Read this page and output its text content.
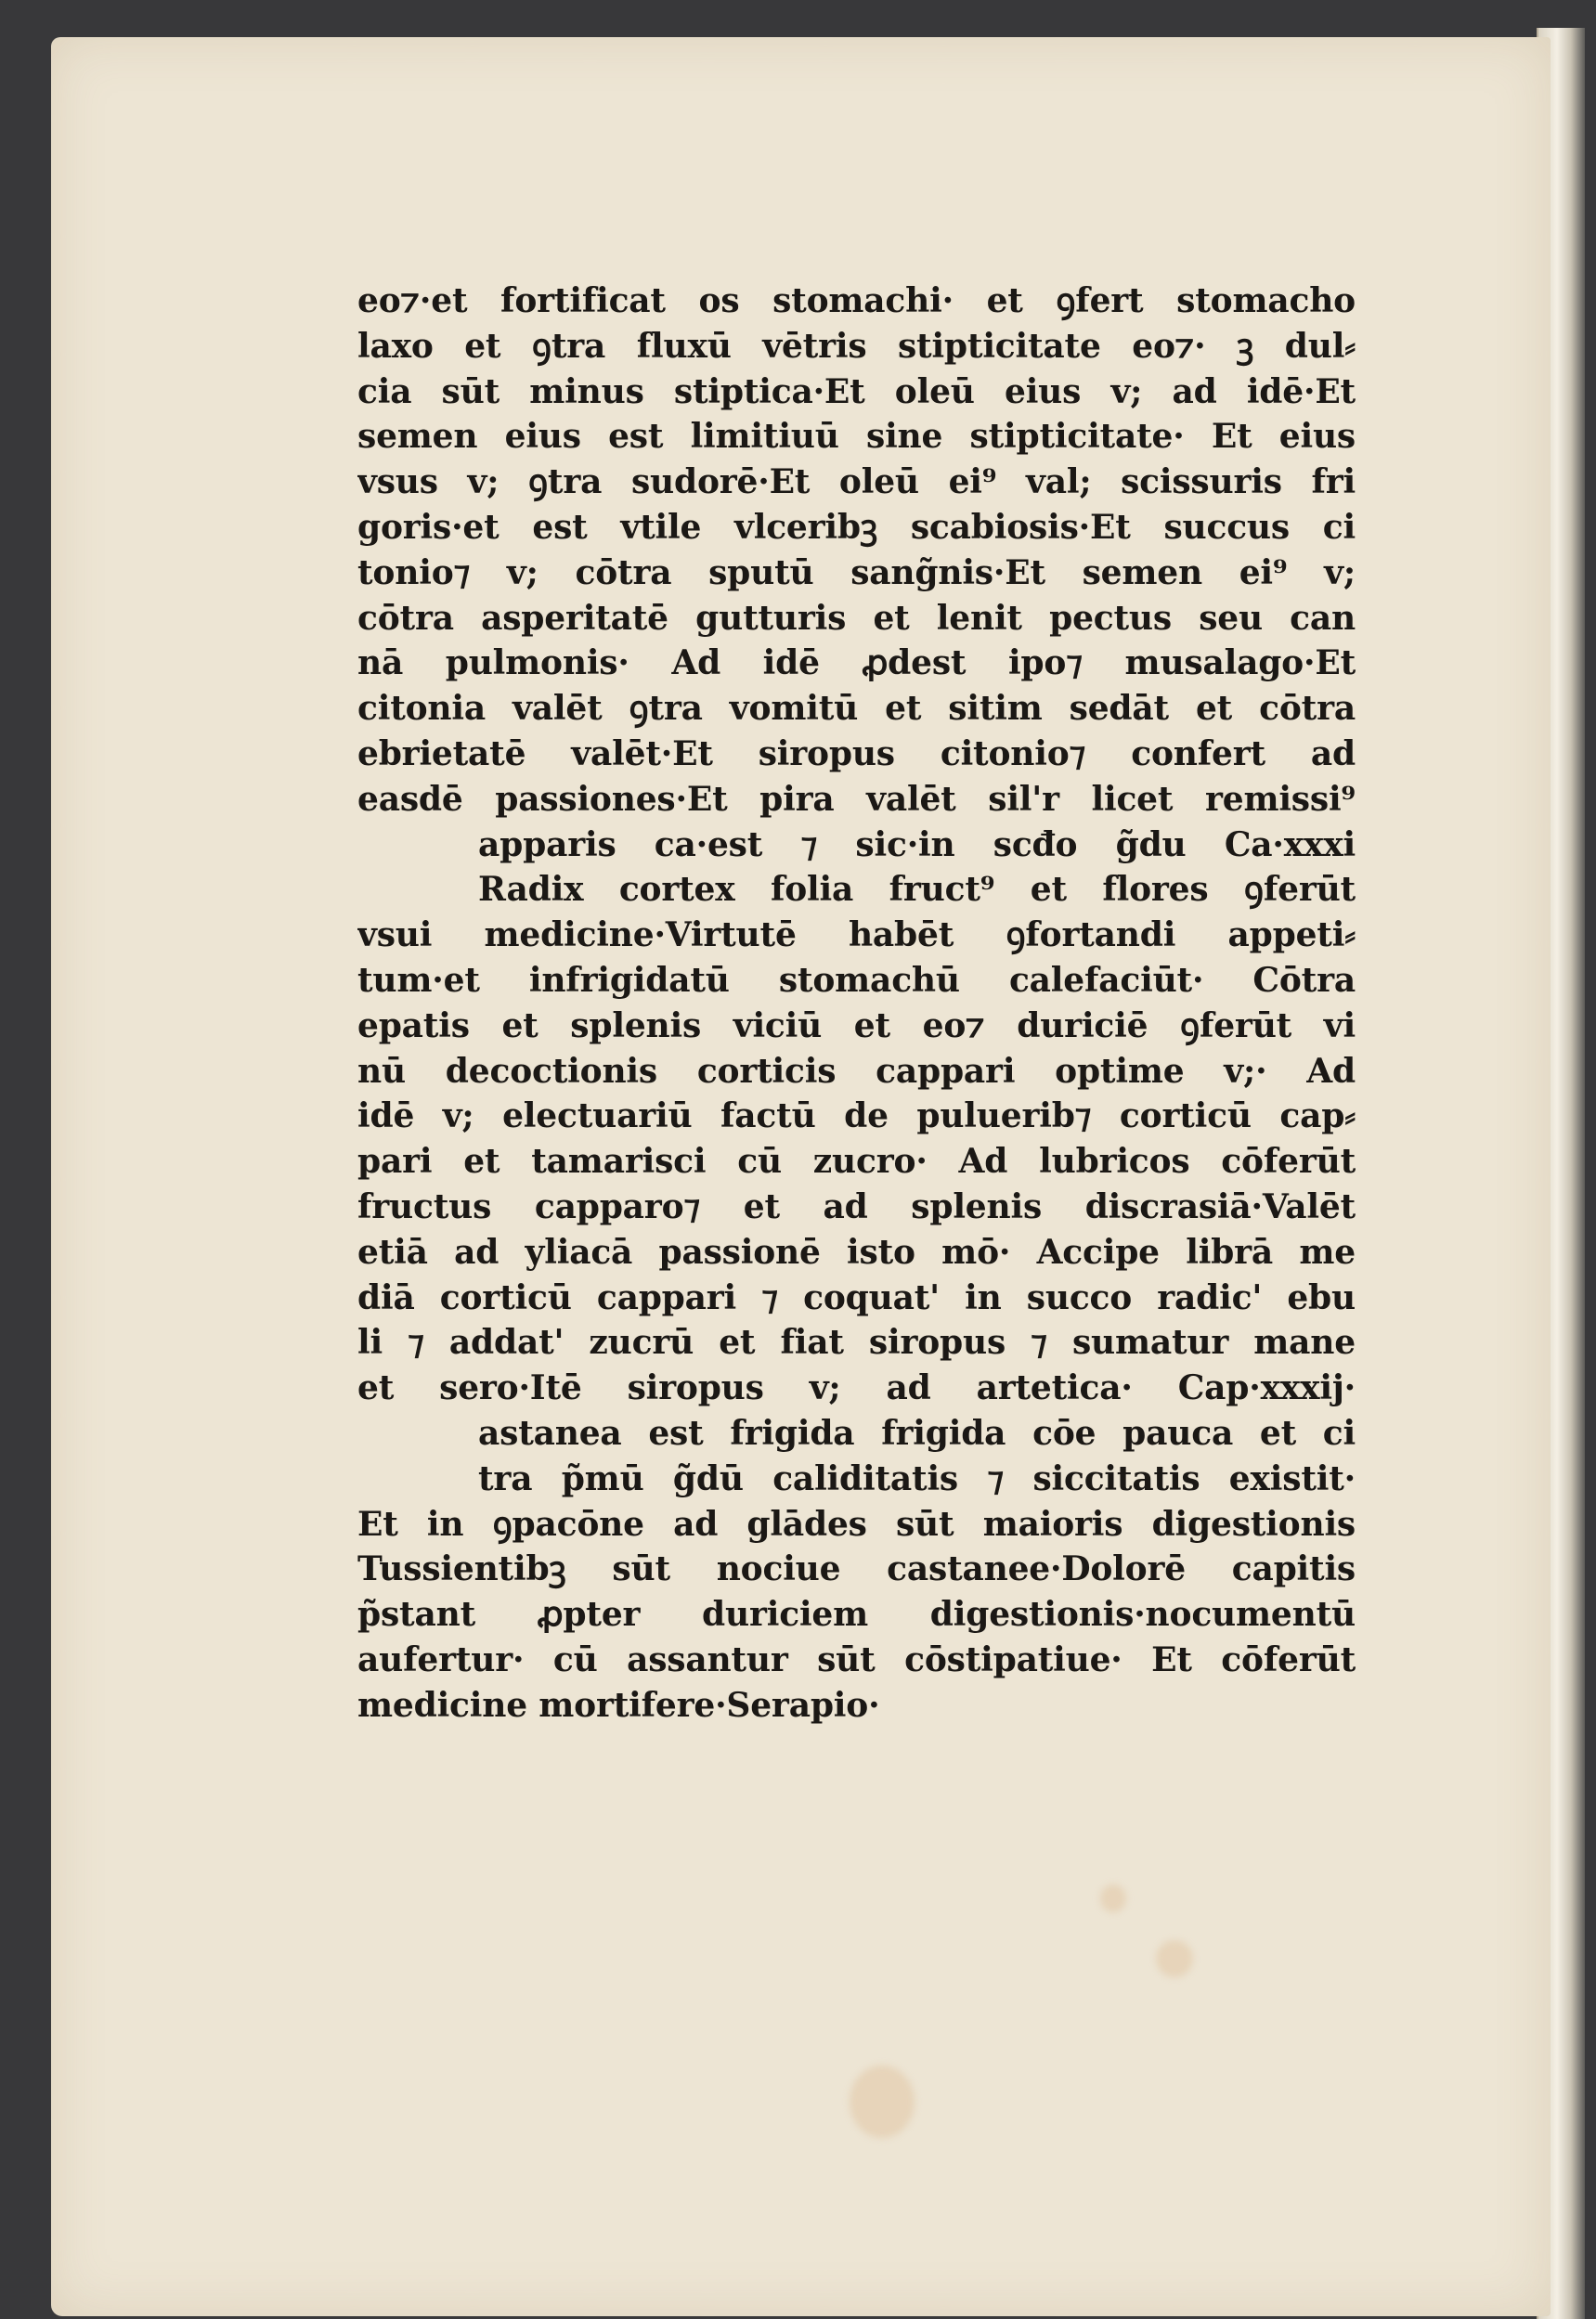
eo⁊·et fortificat os stomachi· et ꝯfert stomacho
laxo et ꝯtra fluxū vētris stipticitate eo⁊· ꝫ dul⸗
cia sūt minus stiptica·Et oleū eius v; ad idē·Et
semen eius est limitiuū sine stipticitate· Et eius
vsus v; ꝯtra sudorē·Et oleū ei⁹ val; scissuris fri
goris·et est vtile vlceribꝫ scabiosis·Et succus ci
tonio⁊ v; cōtra sputū sang̃nis·Et semen ei⁹ v;
cōtra asperitatē gutturis et lenit pectus seu can
nā pulmonis· Ad idē ꝓdest ipo⁊ musalago·Et
citonia valēt ꝯtra vomitū et sitim sedāt et cōtra
ebrietatē valēt·Et siropus citonio⁊ confert ad
easdē passiones·Et pira valēt sil'r licet remissi⁹
apparis ca·est ⁊ sic·in scđo g̃du Ca·xxxi
Radix cortex folia fruct⁹ et flores ꝯferūt
vsui medicine·Virtutē habēt ꝯfortandi appeti⸗
tum·et infrigidatū stomachū calefaciūt· Cōtra
epatis et splenis viciū et eo⁊ duriciē ꝯferūt vi
nū decoctionis corticis cappari optime v;· Ad
idē v; electuariū factū de puluerib⁊ corticū cap⸗
pari et tamarisci cū zucro· Ad lubricos cōferūt
fructus capparo⁊ et ad splenis discrasiā·Valēt
etiā ad yliacā passionē isto mō· Accipe librā me
diā corticū cappari ⁊ coquat' in succo radic' ebu
li ⁊ addat' zucrū et fiat siropus ⁊ sumatur mane
et sero·Itē siropus v; ad artetica· Cap·xxxij·
astanea est frigida frigida cōe pauca et ci
tra p̃mū g̃dū caliditatis ⁊ siccitatis existit·
Et in ꝯpacōne ad glādes sūt maioris digestionis
Tussientibꝫ sūt nociue castanee·Dolorē capitis
p̃stant ꝓpter duriciem digestionis·nocumentū
aufertur· cū assantur sūt cōstipatiue· Et cōferūt
medicine mortifere·Serapio·
